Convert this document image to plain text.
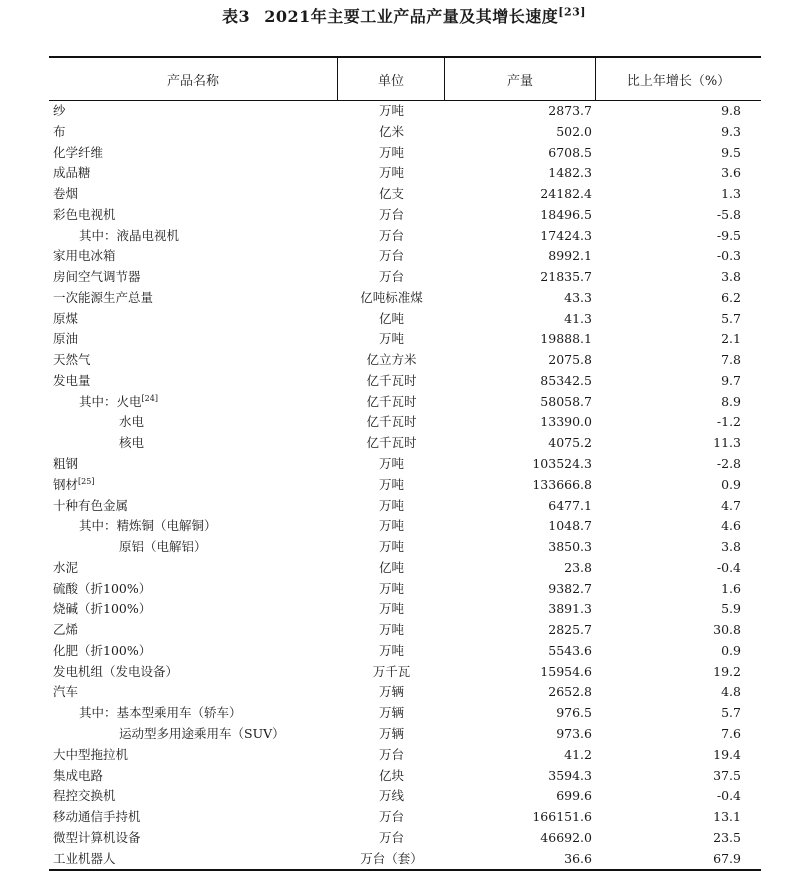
表3 2021年主要工业产品产量及其增长速度[23]
产品名称	单位	产量	比上年增长（%）
纱	万吨	2873.7	9.8
布	亿米	502.0	9.3
化学纤维	万吨	6708.5	9.5
成品糖	万吨	1482.3	3.6
卷烟	亿支	24182.4	1.3
彩色电视机	万台	18496.5	-5.8
其中：液晶电视机	万台	17424.3	-9.5
家用电冰箱	万台	8992.1	-0.3
房间空气调节器	万台	21835.7	3.8
一次能源生产总量	亿吨标准煤	43.3	6.2
原煤	亿吨	41.3	5.7
原油	万吨	19888.1	2.1
天然气	亿立方米	2075.8	7.8
发电量	亿千瓦时	85342.5	9.7
其中：火电[24]	亿千瓦时	58058.7	8.9
水电	亿千瓦时	13390.0	-1.2
核电	亿千瓦时	4075.2	11.3
粗钢	万吨	103524.3	-2.8
钢材[25]	万吨	133666.8	0.9
十种有色金属	万吨	6477.1	4.7
其中：精炼铜（电解铜）	万吨	1048.7	4.6
原铝（电解铝）	万吨	3850.3	3.8
水泥	亿吨	23.8	-0.4
硫酸（折100%）	万吨	9382.7	1.6
烧碱（折100%）	万吨	3891.3	5.9
乙烯	万吨	2825.7	30.8
化肥（折100%）	万吨	5543.6	0.9
发电机组（发电设备）	万千瓦	15954.6	19.2
汽车	万辆	2652.8	4.8
其中：基本型乘用车（轿车）	万辆	976.5	5.7
运动型多用途乘用车（SUV）	万辆	973.6	7.6
大中型拖拉机	万台	41.2	19.4
集成电路	亿块	3594.3	37.5
程控交换机	万线	699.6	-0.4
移动通信手持机	万台	166151.6	13.1
微型计算机设备	万台	46692.0	23.5
工业机器人	万台（套）	36.6	67.9
